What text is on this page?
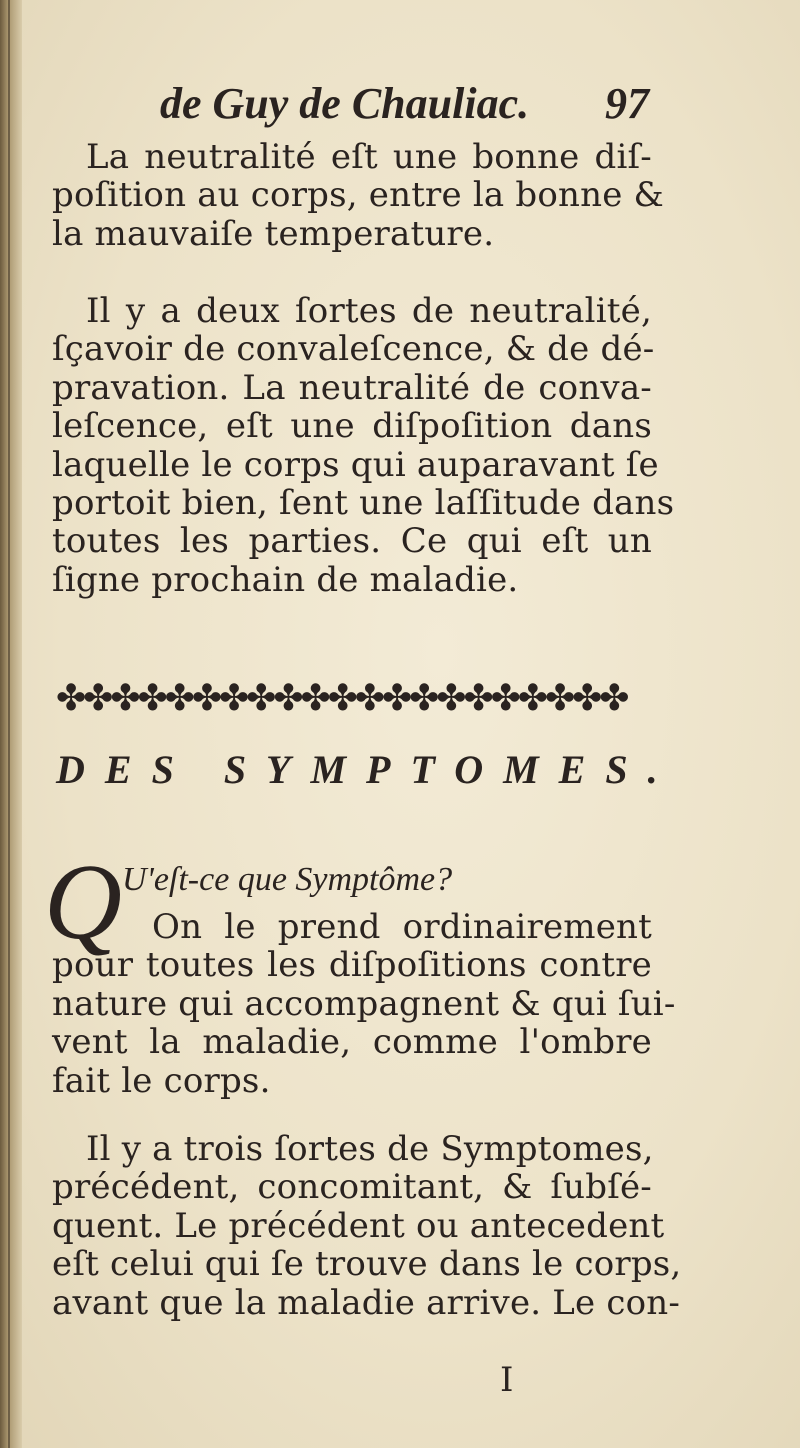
de Guy de Chauliac. 97
La neutralité eſt une bonne diſ-
poſition au corps, entre la bonne &
la mauvaiſe temperature.
Il y a deux ſortes de neutralité,
ſçavoir de convaleſcence, & de dé-
pravation. La neutralité de conva-
leſcence, eſt une diſpoſition dans
laquelle le corps qui auparavant ſe
portoit bien, ſent une laſſitude dans
toutes les parties. Ce qui eſt un
ſigne prochain de maladie.
✤✤✤✤✤✤✤✤✤✤✤✤✤✤✤✤✤✤✤✤✤
DES SYMPTOMES.
Q U'eſt-ce que Symptôme?
On le prend ordinairement
pour toutes les diſpoſitions contre
nature qui accompagnent & qui ſui-
vent la maladie, comme l'ombre
fait le corps.
Il y a trois ſortes de Symptomes,
précédent, concomitant, & ſubſé-
quent. Le précédent ou antecedent
eſt celui qui ſe trouve dans le corps,
avant que la maladie arrive. Le con-
I
